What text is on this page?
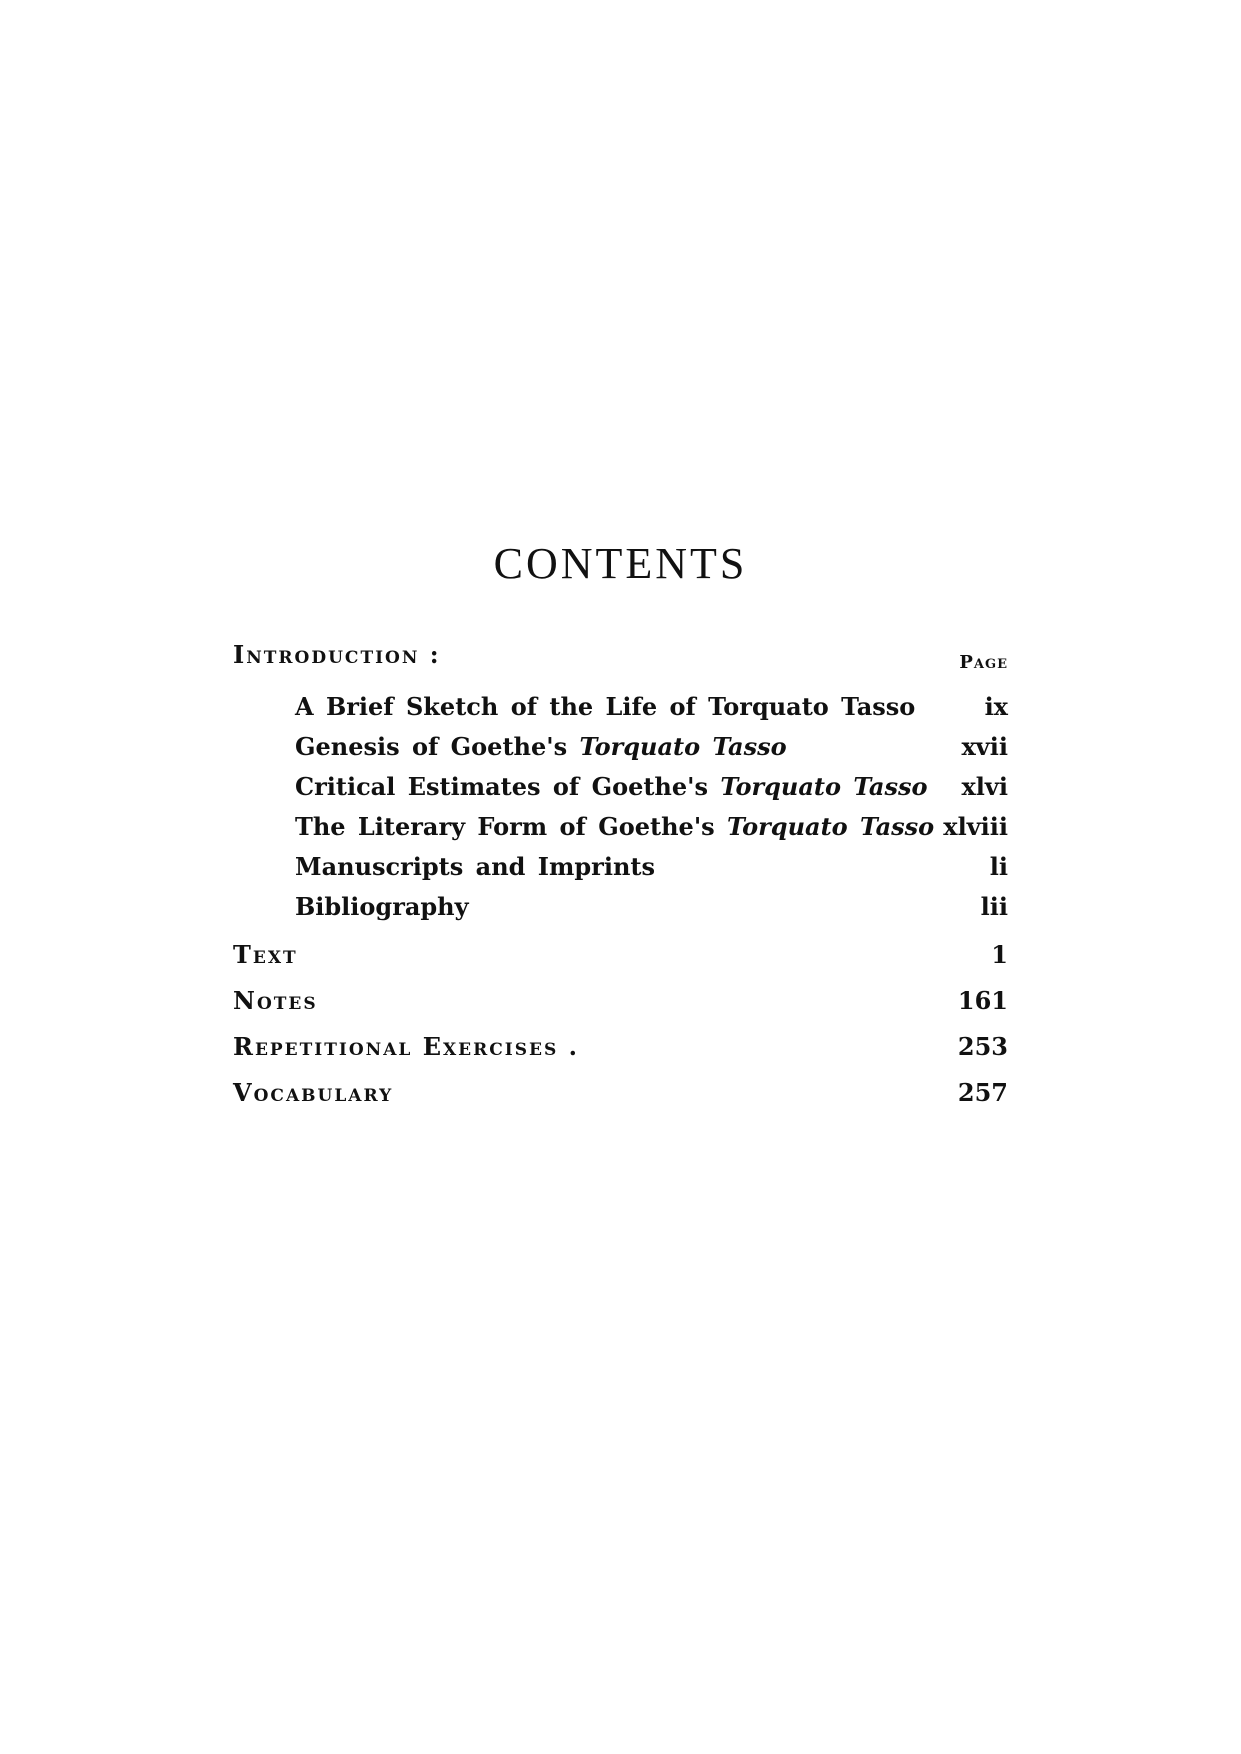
CONTENTS
Introduction :	Page
A Brief Sketch of the Life of Torquato Tasso	ix
Genesis of Goethe's Torquato Tasso	xvii
Critical Estimates of Goethe's Torquato Tasso xlvi
The Literary Form of Goethe's Torquato Tasso xlviii
Manuscripts and Imprints	li
Bibliography	lii
Text	1
Notes	161
Repetitional Exercises .	253
Vocabulary	257
